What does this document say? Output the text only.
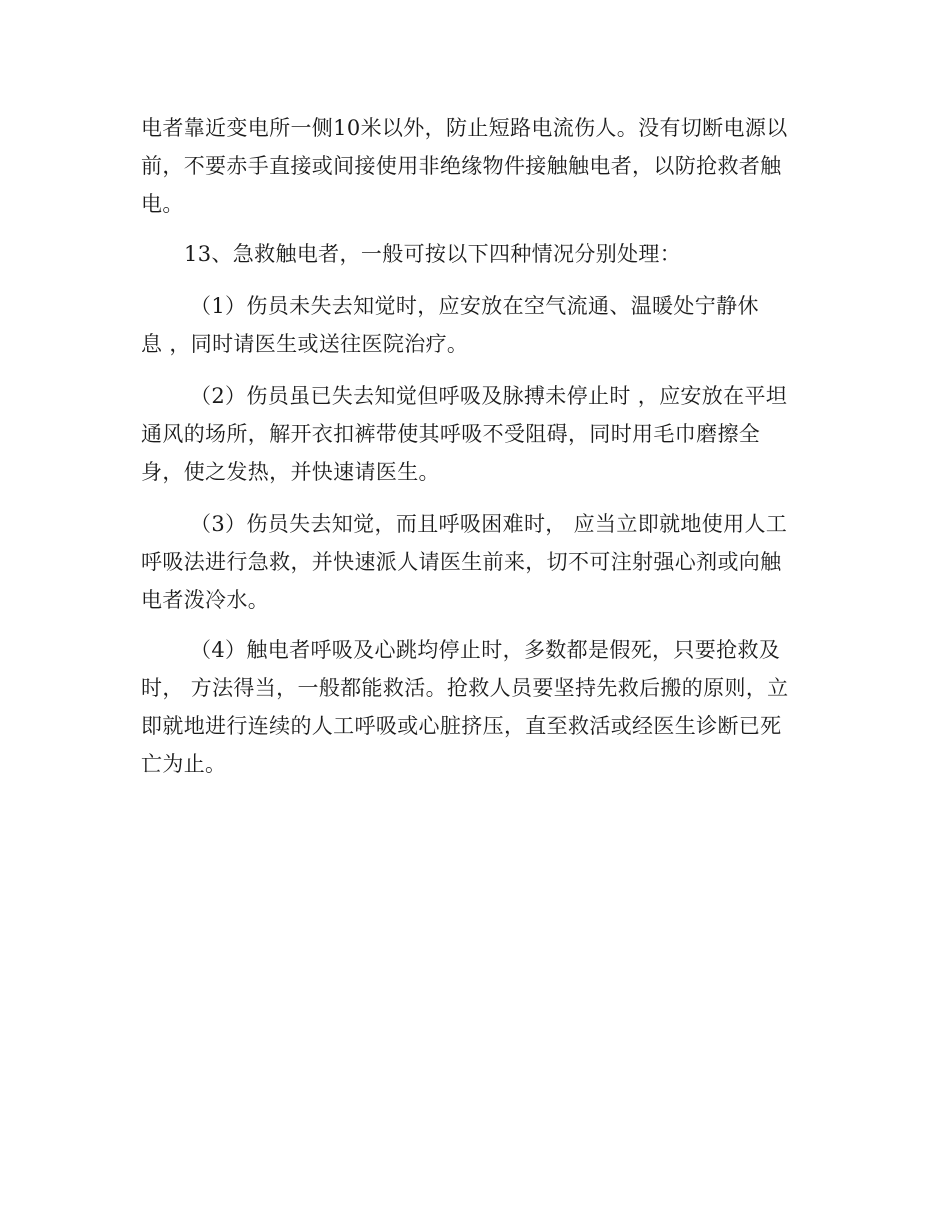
电者靠近变电所一侧10米以外，防止短路电流伤人。没有切断电源以
前，不要赤手直接或间接使用非绝缘物件接触触电者，以防抢救者触
电。
13、急救触电者，一般可按以下四种情况分别处理：
（1）伤员未失去知觉时，应安放在空气流通、温暖处宁静休
息 ，同时请医生或送往医院治疗。
（2）伤员虽已失去知觉但呼吸及脉搏未停止时 ，应安放在平坦
通风的场所，解开衣扣裤带使其呼吸不受阻碍，同时用毛巾磨擦全
身，使之发热，并快速请医生。
（3）伤员失去知觉，而且呼吸困难时， 应当立即就地使用人工
呼吸法进行急救，并快速派人请医生前来，切不可注射强心剂或向触
电者泼冷水。
（4）触电者呼吸及心跳均停止时，多数都是假死，只要抢救及
时， 方法得当，一般都能救活。抢救人员要坚持先救后搬的原则，立
即就地进行连续的人工呼吸或心脏挤压，直至救活或经医生诊断已死
亡为止。
